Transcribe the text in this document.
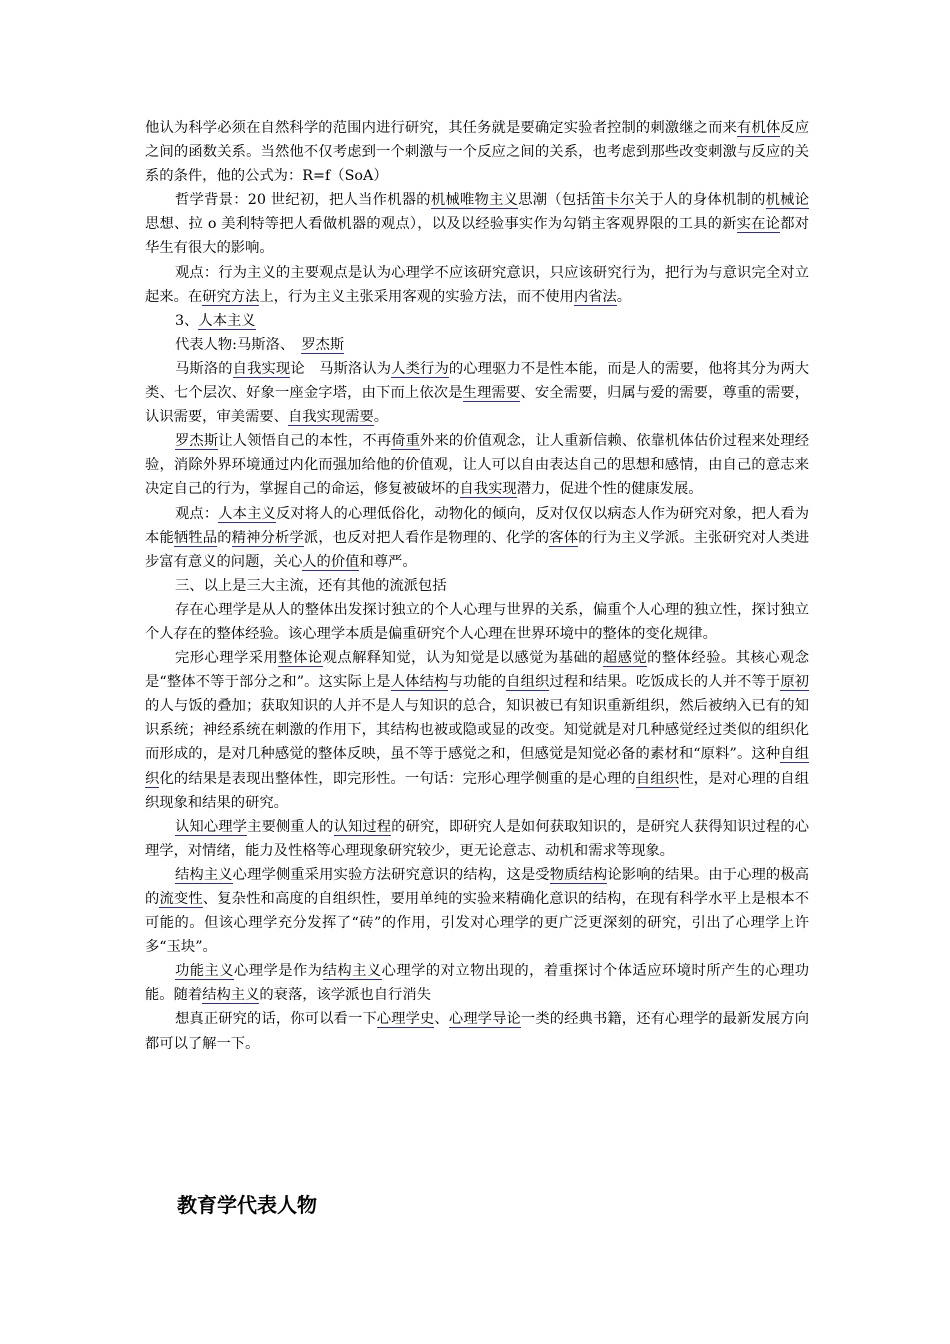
他认为科学必须在自然科学的范围内进行研究，其任务就是要确定实验者控制的刺激继之而来有机体反应之间的函数关系。当然他不仅考虑到一个刺激与一个反应之间的关系，也考虑到那些改变刺激与反应的关系的条件，他的公式为：R=f（SoA）

哲学背景：20 世纪初，把人当作机器的机械唯物主义思潮（包括笛卡尔关于人的身体机制的机械论思想、拉 o 美利特等把人看做机器的观点），以及以经验事实作为勾销主客观界限的工具的新实在论都对华生有很大的影响。

观点：行为主义的主要观点是认为心理学不应该研究意识，只应该研究行为，把行为与意识完全对立起来。在研究方法上，行为主义主张采用客观的实验方法，而不使用内省法。

3、人本主义

代表人物:马斯洛、　罗杰斯

马斯洛的自我实现论　马斯洛认为人类行为的心理驱力不是性本能，而是人的需要，他将其分为两大类、七个层次、好象一座金字塔，由下而上依次是生理需要、安全需要，归属与爱的需要，尊重的需要，认识需要，审美需要、自我实现需要。

罗杰斯让人领悟自己的本性，不再倚重外来的价值观念，让人重新信赖、依靠机体估价过程来处理经验，消除外界环境通过内化而强加给他的价值观，让人可以自由表达自己的思想和感情，由自己的意志来决定自己的行为，掌握自己的命运，修复被破坏的自我实现潜力，促进个性的健康发展。

观点：人本主义反对将人的心理低俗化，动物化的倾向，反对仅仅以病态人作为研究对象，把人看为本能牺牲品的精神分析学派，也反对把人看作是物理的、化学的客体的行为主义学派。主张研究对人类进步富有意义的问题，关心人的价值和尊严。

三、以上是三大主流，还有其他的流派包括

存在心理学是从人的整体出发探讨独立的个人心理与世界的关系，偏重个人心理的独立性，探讨独立个人存在的整体经验。该心理学本质是偏重研究个人心理在世界环境中的整体的变化规律。

完形心理学采用整体论观点解释知觉，认为知觉是以感觉为基础的超感觉的整体经验。其核心观念是“整体不等于部分之和”。这实际上是人体结构与功能的自组织过程和结果。吃饭成长的人并不等于原初的人与饭的叠加；获取知识的人并不是人与知识的总合，知识被已有知识重新组织，然后被纳入已有的知识系统；神经系统在刺激的作用下，其结构也被或隐或显的改变。知觉就是对几种感觉经过类似的组织化而形成的，是对几种感觉的整体反映，虽不等于感觉之和，但感觉是知觉必备的素材和“原料”。这种自组织化的结果是表现出整体性，即完形性。一句话：完形心理学侧重的是心理的自组织性，是对心理的自组织现象和结果的研究。

认知心理学主要侧重人的认知过程的研究，即研究人是如何获取知识的，是研究人获得知识过程的心理学，对情绪，能力及性格等心理现象研究较少，更无论意志、动机和需求等现象。

结构主义心理学侧重采用实验方法研究意识的结构，这是受物质结构论影响的结果。由于心理的极高的流变性、复杂性和高度的自组织性，要用单纯的实验来精确化意识的结构，在现有科学水平上是根本不可能的。但该心理学充分发挥了“砖”的作用，引发对心理学的更广泛更深刻的研究，引出了心理学上许多“玉块”。

功能主义心理学是作为结构主义心理学的对立物出现的，着重探讨个体适应环境时所产生的心理功能。随着结构主义的衰落，该学派也自行消失

想真正研究的话，你可以看一下心理学史、心理学导论一类的经典书籍，还有心理学的最新发展方向都可以了解一下。

教育学代表人物
